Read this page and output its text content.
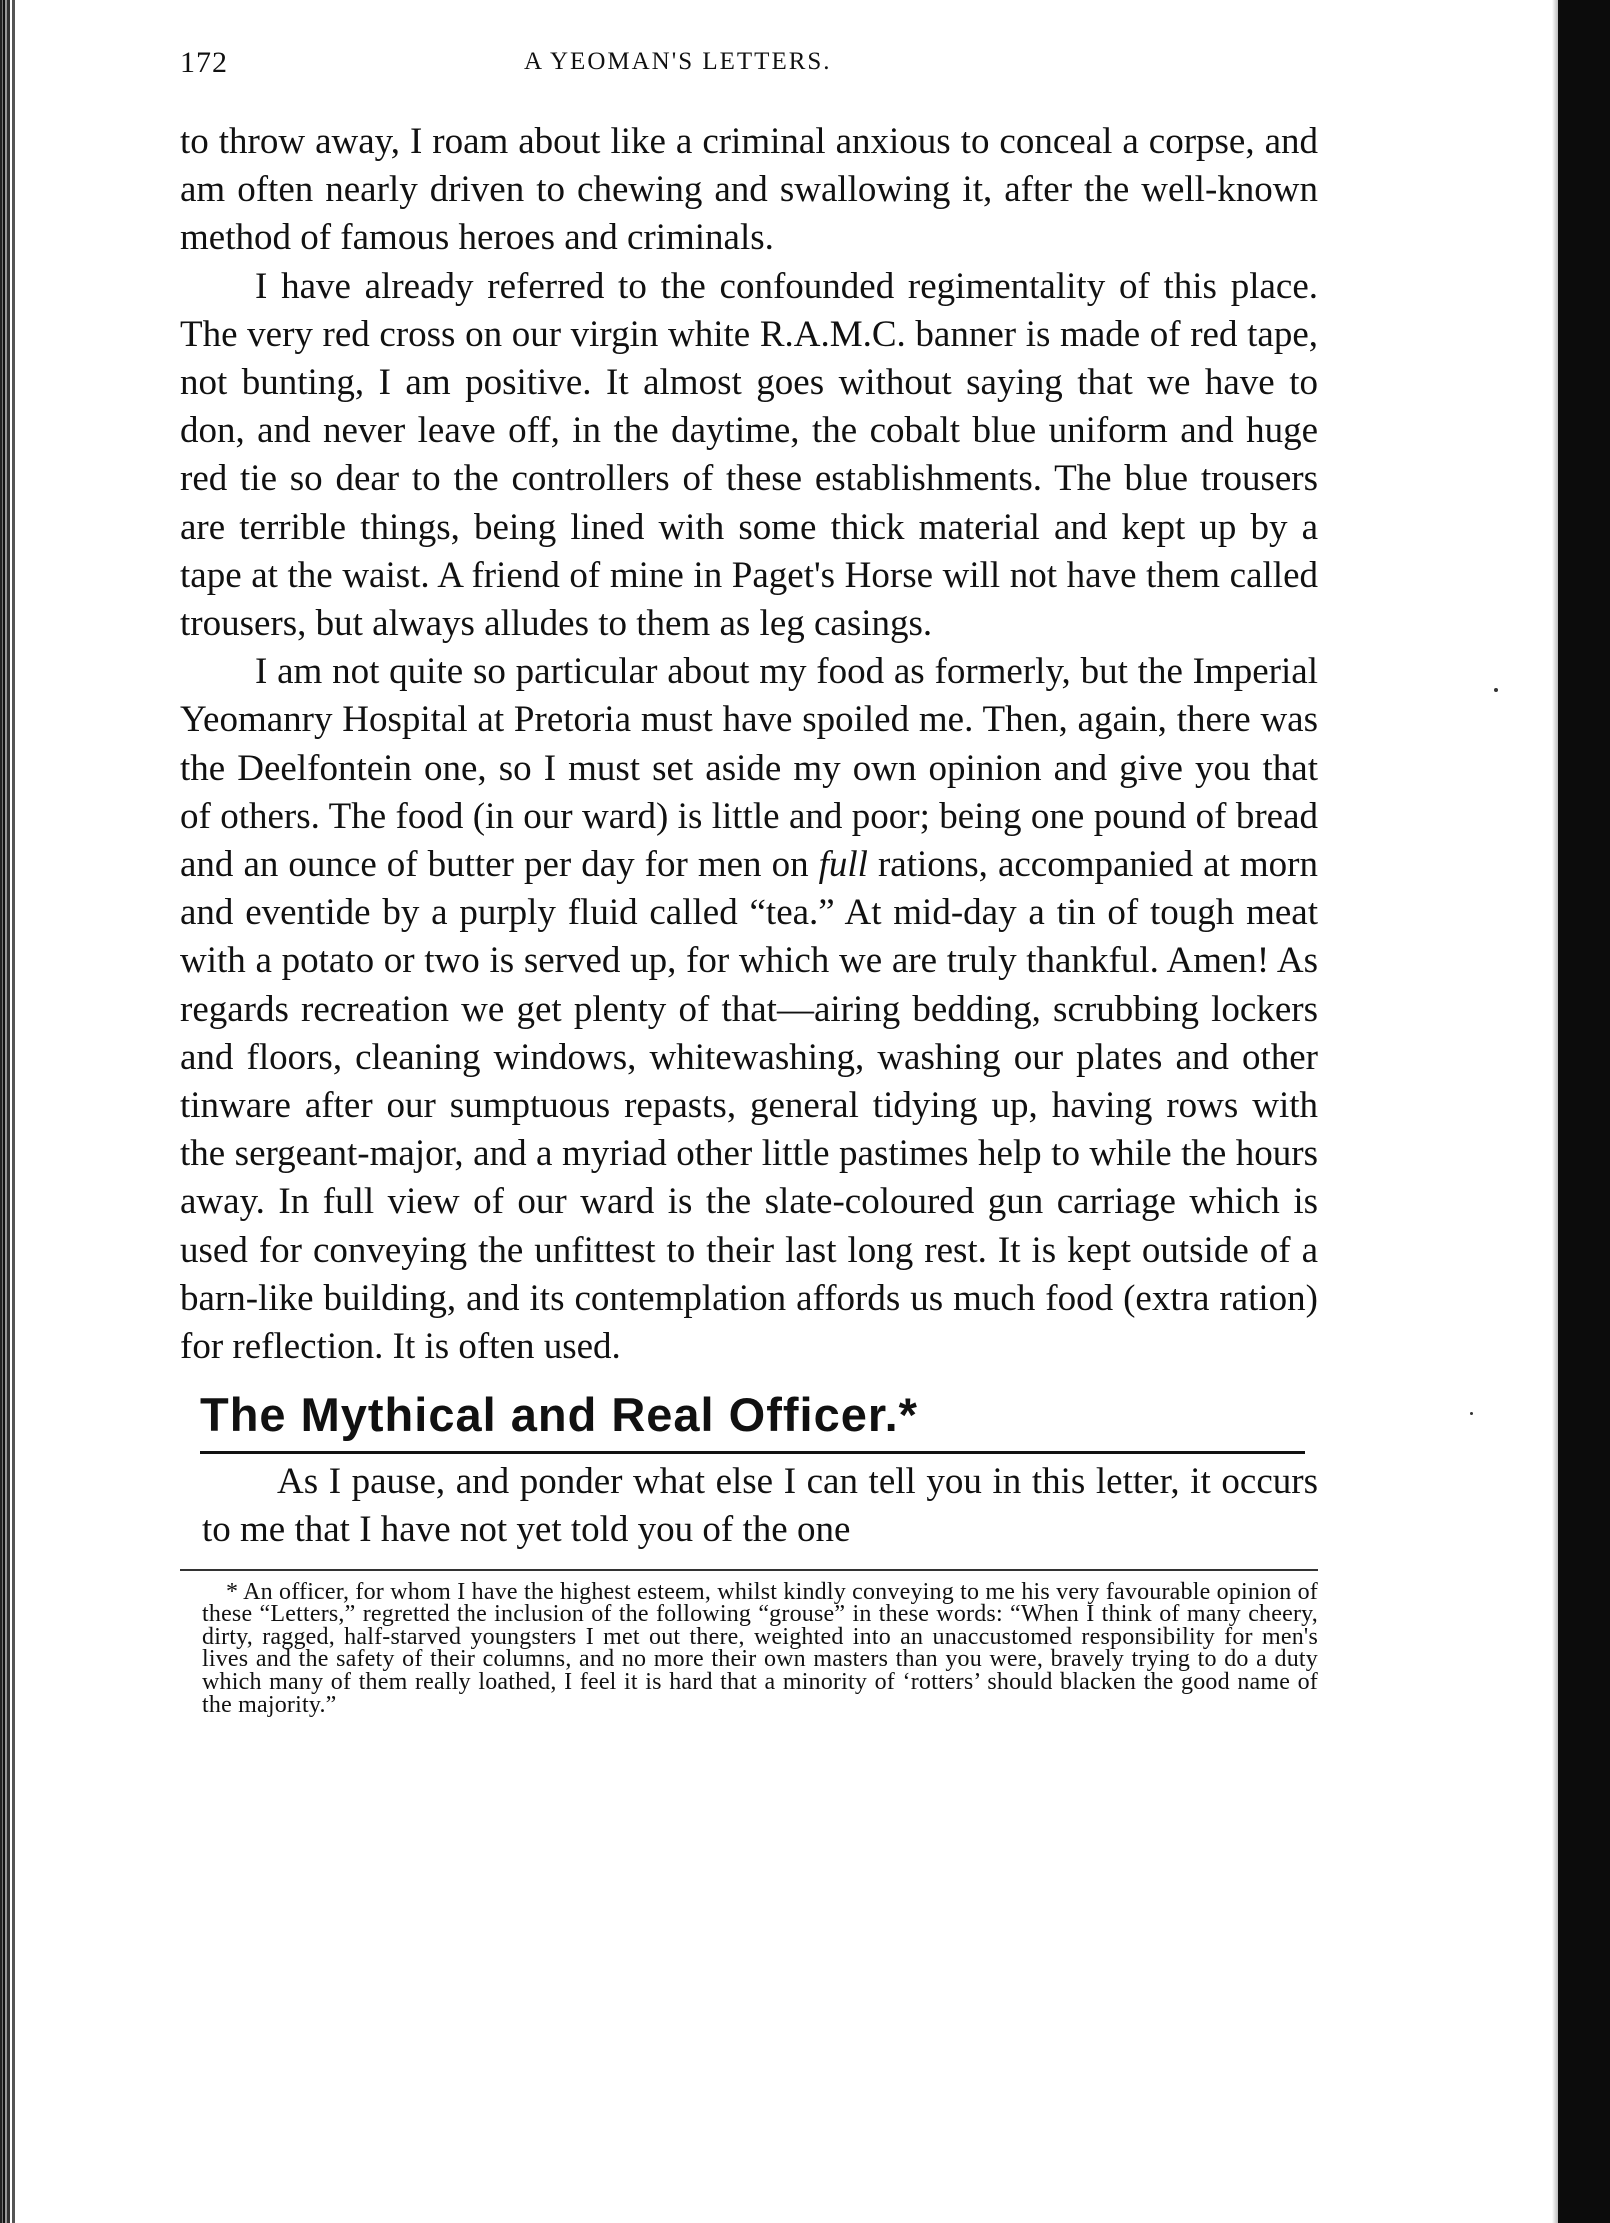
172	A YEOMAN'S LETTERS.

to throw away, I roam about like a criminal anxious to conceal a corpse, and am often nearly driven to chewing and swallowing it, after the well-known method of famous heroes and criminals.

I have already referred to the confounded regimentality of this place. The very red cross on our virgin white R.A.M.C. banner is made of red tape, not bunting, I am positive. It almost goes without saying that we have to don, and never leave off, in the daytime, the cobalt blue uniform and huge red tie so dear to the controllers of these establishments. The blue trousers are terrible things, being lined with some thick material and kept up by a tape at the waist. A friend of mine in Paget's Horse will not have them called trousers, but always alludes to them as leg casings.

I am not quite so particular about my food as formerly, but the Imperial Yeomanry Hospital at Pretoria must have spoiled me. Then, again, there was the Deelfontein one, so I must set aside my own opinion and give you that of others. The food (in our ward) is little and poor; being one pound of bread and an ounce of butter per day for men on full rations, accompanied at morn and eventide by a purply fluid called “tea.” At mid-day a tin of tough meat with a potato or two is served up, for which we are truly thankful. Amen! As regards recreation we get plenty of that—airing bedding, scrubbing lockers and floors, cleaning windows, whitewashing, washing our plates and other tinware after our sumptuous repasts, general tidying up, having rows with the sergeant-major, and a myriad other little pastimes help to while the hours away. In full view of our ward is the slate-coloured gun carriage which is used for conveying the unfittest to their last long rest. It is kept outside of a barn-like building, and its contemplation affords us much food (extra ration) for reflection. It is often used.

The Mythical and Real Officer.*

As I pause, and ponder what else I can tell you in this letter, it occurs to me that I have not yet told you of the one

* An officer, for whom I have the highest esteem, whilst kindly conveying to me his very favourable opinion of these “Letters,” regretted the inclusion of the following “grouse” in these words: “When I think of many cheery, dirty, ragged, half-starved youngsters I met out there, weighted into an unaccustomed responsibility for men's lives and the safety of their columns, and no more their own masters than you were, bravely trying to do a duty which many of them really loathed, I feel it is hard that a minority of ‘rotters’ should blacken the good name of the majority.”
